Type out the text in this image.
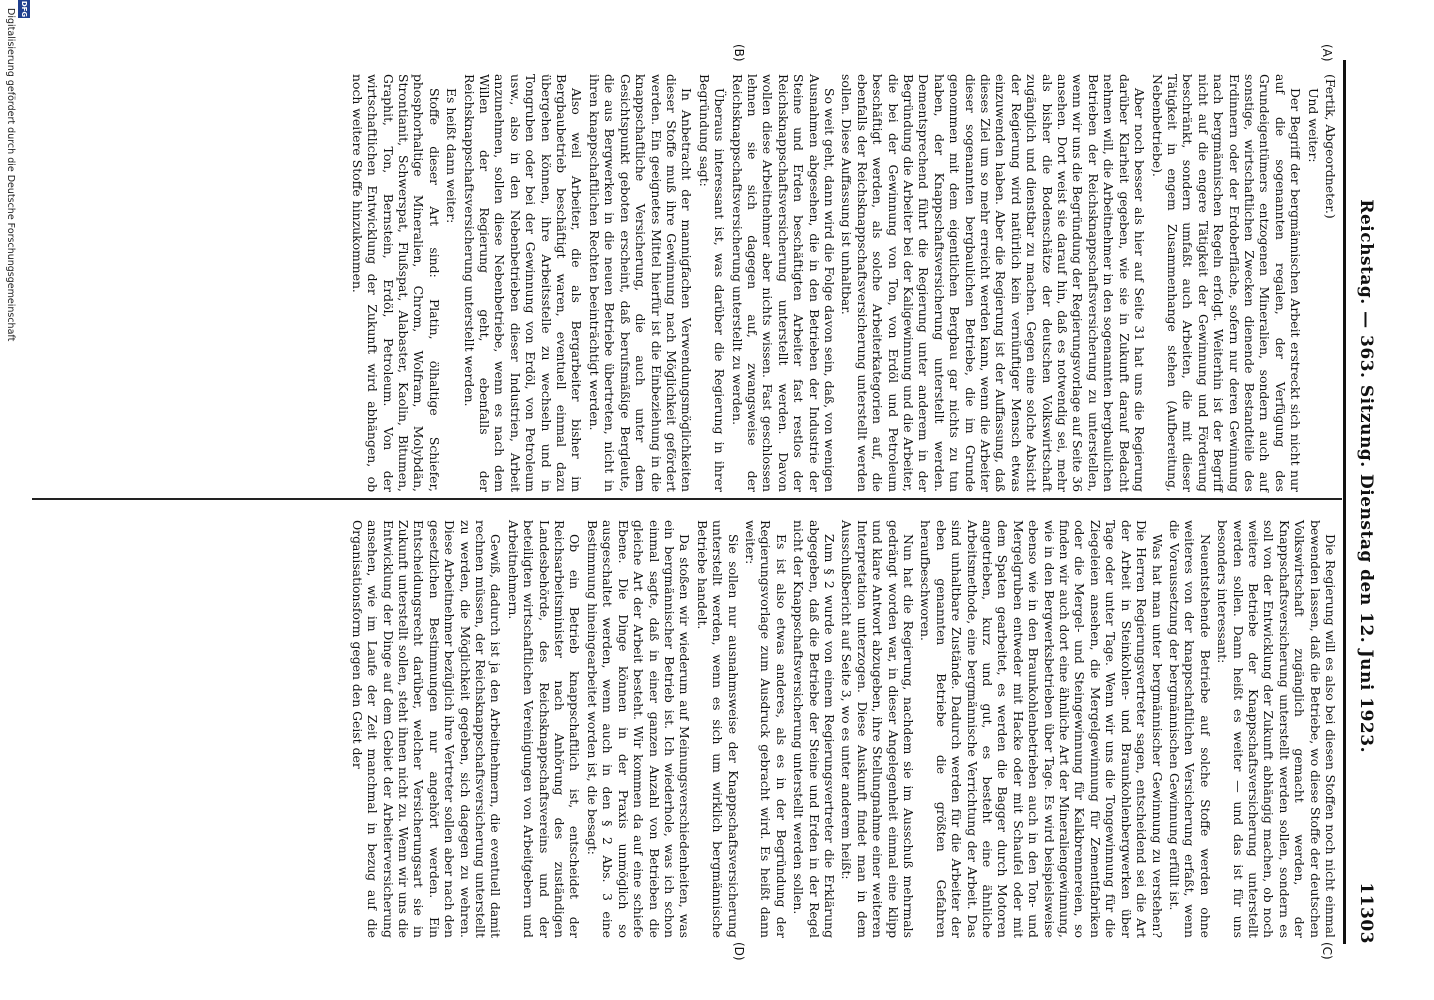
Reichstag. — 363. Sitzung. Dienstag den 12. Juni 1923.
11303
(A)
(B)
(C)
(D)

(Fertik, Abgeordneter.)

Und weiter:

Der Begriff der bergmännischen Arbeit erstreckt sich nicht nur auf die sogenannten regalen, der Verfügung des Grundeigentümers entzogenen Mineralien, sondern auch auf sonstige, wirtschaftlichen Zwecken dienende Bestandteile des Erdinnern oder der Erdoberfläche, sofern nur deren Gewinnung nach bergmännischen Regeln erfolgt. Weiterhin ist der Begriff nicht auf die engere Tätigkeit der Gewinnung und Förderung beschränkt, sondern umfaßt auch Arbeiten, die mit dieser Tätigkeit in engem Zusammenhange stehen (Aufbereitung, Nebenbetriebe).

Aber noch besser als hier auf Seite 31 hat uns die Regierung darüber Klarheit gegeben, wie sie in Zukunft darauf Bedacht nehmen will, die Arbeitnehmer in den sogenannten bergbaulichen Betrieben der Reichsknappschaftsversicherung zu unterstellen, wenn wir uns die Begründung der Regierungsvorlage auf Seite 36 ansehen. Dort weist sie darauf hin, daß es notwendig sei, mehr als bisher die Bodenschätze der deutschen Volkswirtschaft zugänglich und dienstbar zu machen. Gegen eine solche Absicht der Regierung wird natürlich kein vernünftiger Mensch etwas einzuwenden haben. Aber die Regierung ist der Auffassung, daß dieses Ziel um so mehr erreicht werden kann, wenn die Arbeiter dieser sogenannten bergbaulichen Betriebe, die im Grunde genommen mit dem eigentlichen Bergbau gar nichts zu tun haben, der Knappschaftsversicherung unterstellt werden. Dementsprechend führt die Regierung unter anderem in der Begründung die Arbeiter bei der Kaligewinnung und die Arbeiter, die bei der Gewinnung von Ton, von Erdöl und Petroleum beschäftigt werden, als solche Arbeiterkategorien auf, die ebenfalls der Reichsknappschaftsversicherung unterstellt werden sollen. Diese Auffassung ist unhaltbar.

So weit geht, dann wird die Folge davon sein, daß, von wenigen Ausnahmen abgesehen, die in den Betrieben der Industrie der Steine und Erden beschäftigten Arbeiter fast restlos der Reichsknappschaftsversicherung unterstellt werden. Davon wollen diese Arbeitnehmer aber nichts wissen. Fast geschlossen lehnen sie sich dagegen auf, zwangsweise der Reichsknappschaftsversicherung unterstellt zu werden.

Überaus interessant ist, was darüber die Regierung in ihrer Begründung sagt:

In Anbetracht der mannigfachen Verwendungsmöglichkeiten dieser Stoffe muß ihre Gewinnung nach Möglichkeit gefördert werden. Ein geeignetes Mittel hierfür ist die Einbeziehung in die knappschaftliche Versicherung, die auch unter dem Gesichtspunkt geboten erscheint, daß berufsmäßige Bergleute, die aus Bergwerken in die neuen Betriebe übertreten, nicht in ihren knappschaftlichen Rechten beeinträchtigt werden.

Also weil Arbeiter, die als Bergarbeiter bisher im Bergbaubetrieb beschäftigt waren, eventuell einmal dazu übergehen können, ihre Arbeitsstelle zu wechseln und in Tongruben oder bei der Gewinnung von Erdöl, von Petroleum usw., also in den Nebenbetrieben dieser Industrien, Arbeit anzunehmen, sollen diese Nebenbetriebe, wenn es nach dem Willen der Regierung geht, ebenfalls der Reichsknappschaftsversicherung unterstellt werden.

Es heißt dann weiter:

Stoffe dieser Art sind: Platin, ölhaltige Schiefer, phosphorhaltige Mineralien, Chrom, Wolfram, Molybdän, Strontianit, Schwerspat, Flußspat, Alabaster, Kaolin, Bitumen, Graphit, Ton, Bernstein, Erdöl, Petroleum. Von der wirtschaftlichen Entwicklung der Zukunft wird abhängen, ob noch weitere Stoffe hinzukommen.

Die Regierung will es also bei diesen Stoffen noch nicht einmal bewenden lassen, daß die Betriebe, wo diese Stoffe der deutschen Volkswirtschaft zugänglich gemacht werden, der Knappschaftsversicherung unterstellt werden sollen, sondern es soll von der Entwicklung der Zukunft abhängig machen, ob noch weitere Betriebe der Knappschaftsversicherung unterstellt werden sollen. Dann heißt es weiter — und das ist für uns besonders interessant:

Neuentstehende Betriebe auf solche Stoffe werden ohne weiteres von der knappschaftlichen Versicherung erfaßt, wenn die Voraussetzung der bergmännischen Gewinnung erfüllt ist.

Was hat man unter bergmännischer Gewinnung zu verstehen? Die Herren Regierungsvertreter sagen, entscheidend sei die Art der Arbeit in Steinkohlen- und Braunkohlenbergwerken über Tage oder unter Tage. Wenn wir uns die Tongewinnung für die Ziegeleien ansehen, die Mergelgewinnung für Zementfabriken oder die Mergel- und Steingewinnung für Kalkbrennereien, so finden wir auch dort eine ähnliche Art der Mineraliengewinnung, wie in den Bergwerksbetrieben über Tage. Es wird beispielsweise ebenso wie in den Braunkohlenbetrieben auch in den Ton- und Mergelgruben entweder mit Hacke oder mit Schaufel oder mit dem Spaten gearbeitet, es werden die Bagger durch Motoren angetrieben, kurz und gut, es besteht eine ähnliche Arbeitsmethode, eine bergmännische Verrichtung der Arbeit. Das sind unhaltbare Zustände. Dadurch werden für die Arbeiter der eben genannten Betriebe die größten Gefahren heraufbeschworen.

Nun hat die Regierung, nachdem sie im Ausschuß mehrmals gedrängt worden war, in dieser Angelegenheit einmal eine klipp und klare Antwort abzugeben, ihre Stellungnahme einer weiteren Interpretation unterzogen. Diese Auskunft findet man in dem Ausschußbericht auf Seite 3, wo es unter anderem heißt:

Zum § 2 wurde von einem Regierungsvertreter die Erklärung abgegeben, daß die Betriebe der Steine und Erden in der Regel nicht der Knappschaftsversicherung unterstellt werden sollen.

Es ist also etwas anderes, als es in der Begründung der Regierungsvorlage zum Ausdruck gebracht wird. Es heißt dann weiter:

Sie sollen nur ausnahmsweise der Knappschaftsversicherung unterstellt werden, wenn es sich um wirklich bergmännische Betriebe handelt.

Da stoßen wir wiederum auf Meinungsverschiedenheiten, was ein bergmännischer Betrieb ist. Ich wiederhole, was ich schon einmal sagte, daß in einer ganzen Anzahl von Betrieben die gleiche Art der Arbeit besteht. Wir kommen da auf eine schiefe Ebene. Die Dinge können in der Praxis unmöglich so ausgeschaltet werden, wenn auch in den § 2 Abs. 3 eine Bestimmung hineingearbeitet worden ist, die besagt:

Ob ein Betrieb knappschaftlich ist, entscheidet der Reichsarbeitsminister nach Anhörung des zuständigen Landesbehörde, des Reichsknappschaftsvereins und der beteiligten wirtschaftlichen Vereinigungen von Arbeitgebern und Arbeitnehmern.

Gewiß, dadurch ist ja den Arbeitnehmern, die eventuell damit rechnen müssen, der Reichsknappschaftsversicherung unterstellt zu werden, die Möglichkeit gegeben, sich dagegen zu wehren. Diese Arbeitnehmer bezüglich ihre Vertreter sollen aber nach den gesetzlichen Bestimmungen nur angehört werden. Ein Entscheidungsrecht darüber, welcher Versicherungsart sie in Zukunft unterstellt sollen, steht ihnen nicht zu. Wenn wir uns die Entwicklung der Dinge auf dem Gebiet der Arbeiterversicherung ansehen, wie im Laufe der Zeit manchmal in bezug auf die Organisationsform gegen den Geist der

DFG
Digitalisierung gefördert durch die Deutsche Forschungsgemeinschaft
